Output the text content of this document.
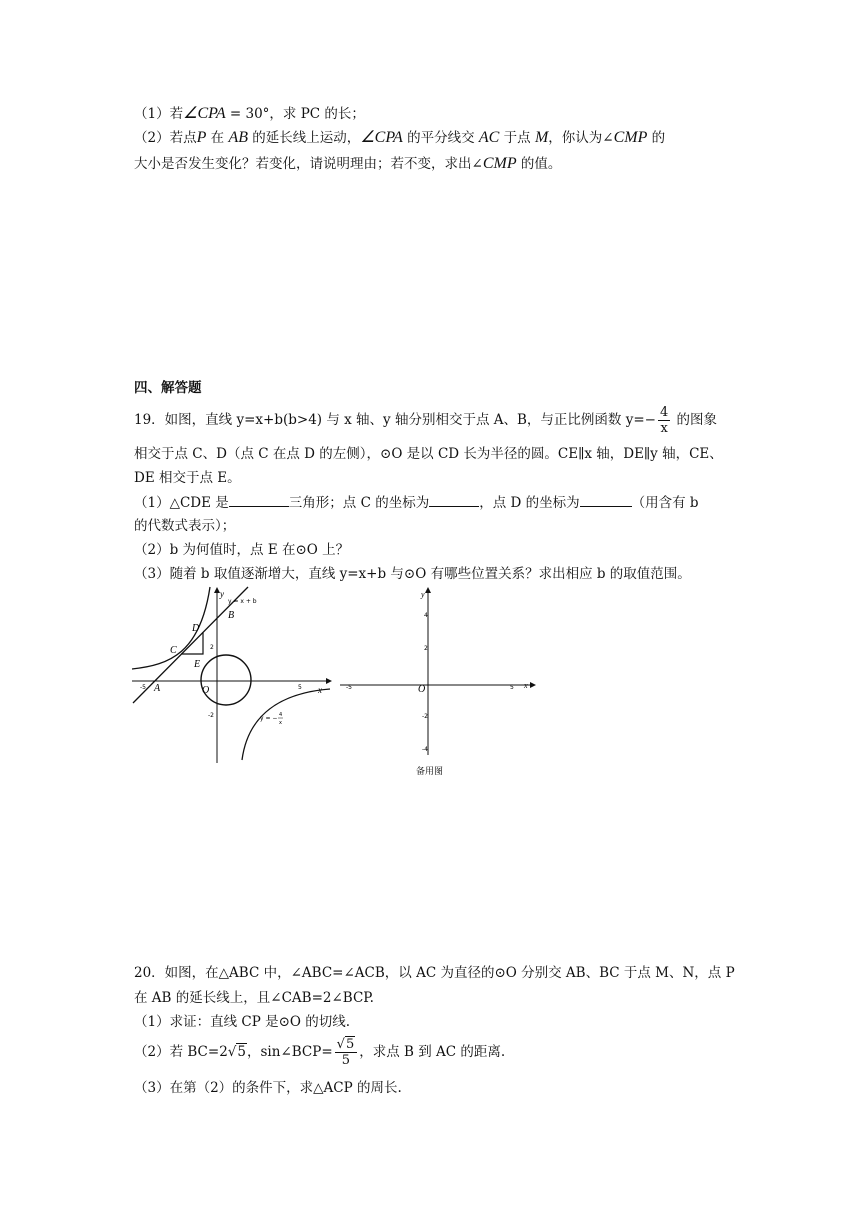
（1）若∠CPA = 30°，求 PC 的长；
（2）若点P 在 AB 的延长线上运动，∠CPA 的平分线交 AC 于点 M，你认为∠CMP 的
大小是否发生变化？若变化，请说明理由；若不变，求出∠CMP 的值。
四、解答题
19．如图，直线 y=x+b(b>4) 与 x 轴、y 轴分别相交于点 A、B，与正比例函数 $y=- \frac{4}{x}$ 的图象
相交于点 C、D（点 C 在点 D 的左侧），⊙O 是以 CD 长为半径的圆。CE∥x 轴，DE∥y 轴，CE、
DE 相交于点 E。
（1）△CDE 是	三角形；点 C 的坐标为	，点 D 的坐标为	（用含有 b
的代数式表示）；
（2）b 为何值时，点 E 在⊙O 上？
（3）随着 b 取值逐渐增大，直线 y=x+b 与⊙O 有哪些位置关系？求出相应 b 的取值范围。
-5	5
2
-2
y
x
y = x + b
B
D
C
E
A	O
y = − 4
x
y
x
O
4
2
-2
-4
-5	5
备用图
20．如图，在△ABC 中，∠ABC=∠ACB，以 AC 为直径的⊙O 分别交 AB、BC 于点 M、N，点 P
在 AB 的延长线上，且∠CAB=2∠BCP.
（1）求证：直线 CP 是⊙O 的切线.
（2）若 BC=2√5，sin∠BCP= $\frac{√5}{5}$ ，求点 B 到 AC 的距离.
（3）在第（2）的条件下，求△ACP 的周长.
